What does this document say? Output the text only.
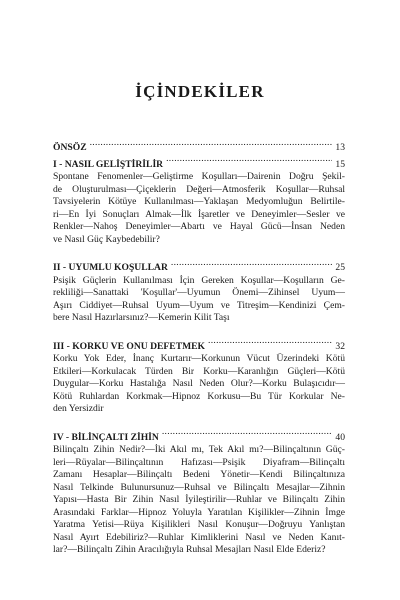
İÇİNDEKİLER
ÖNSÖZ .....	13
I - NASIL GELİŞTİRİLİR .....	15

Spontane Fenomenler—Geliştirme Koşulları—Dairenin Doğru Şekil-

de Oluşturulması—Çiçeklerin Değeri—Atmosferik Koşullar—Ruhsal

Tavsiyelerin Kötüye Kullanılması—Yaklaşan Medyomluğun Belirtile-

ri—En İyi Sonuçları Almak—İlk İşaretler ve Deneyimler—Sesler ve

Renkler—Nahoş Deneyimler—Abartı ve Hayal Gücü—İnsan Neden

ve Nasıl Güç Kaybedebilir?

II - UYUMLU KOŞULLAR .....	25

Psişik Güçlerin Kullanılması İçin Gereken Koşullar—Koşulların Ge-

rekliliği—Sanattaki 'Koşullar'—Uyumun Önemi—Zihinsel Uyum—

Aşırı Ciddiyet—Ruhsal Uyum—Uyum ve Titreşim—Kendinizi Çem-

bere Nasıl Hazırlarsınız?—Kemerin Kilit Taşı

III - KORKU VE ONU DEFETMEK .....	32

Korku Yok Eder, İnanç Kurtarır—Korkunun Vücut Üzerindeki Kötü

Etkileri—Korkulacak Türden Bir Korku—Karanlığın Güçleri—Kötü

Duygular—Korku Hastalığa Nasıl Neden Olur?—Korku Bulaşıcıdır—

Kötü Ruhlardan Korkmak—Hipnoz Korkusu—Bu Tür Korkular Ne-

den Yersizdir

IV - BİLİNÇALTI ZİHİN .....	40

Bilinçaltı Zihin Nedir?—İki Akıl mı, Tek Akıl mı?—Bilinçaltının Güç-

leri—Rüyalar—Bilinçaltının Hafızası—Psişik Diyafram—Bilinçaltı

Zamanı Hesaplar—Bilinçaltı Bedeni Yönetir—Kendi Bilinçaltınıza

Nasıl Telkinde Bulunursunuz—Ruhsal ve Bilinçaltı Mesajlar—Zihnin

Yapısı—Hasta Bir Zihin Nasıl İyileştirilir—Ruhlar ve Bilinçaltı Zihin

Arasındaki Farklar—Hipnoz Yoluyla Yaratılan Kişilikler—Zihnin İmge

Yaratma Yetisi—Rüya Kişilikleri Nasıl Konuşur—Doğruyu Yanlıştan

Nasıl Ayırt Edebiliriz?—Ruhlar Kimliklerini Nasıl ve Neden Kanıt-

lar?—Bilinçaltı Zihin Aracılığıyla Ruhsal Mesajları Nasıl Elde Ederiz?
